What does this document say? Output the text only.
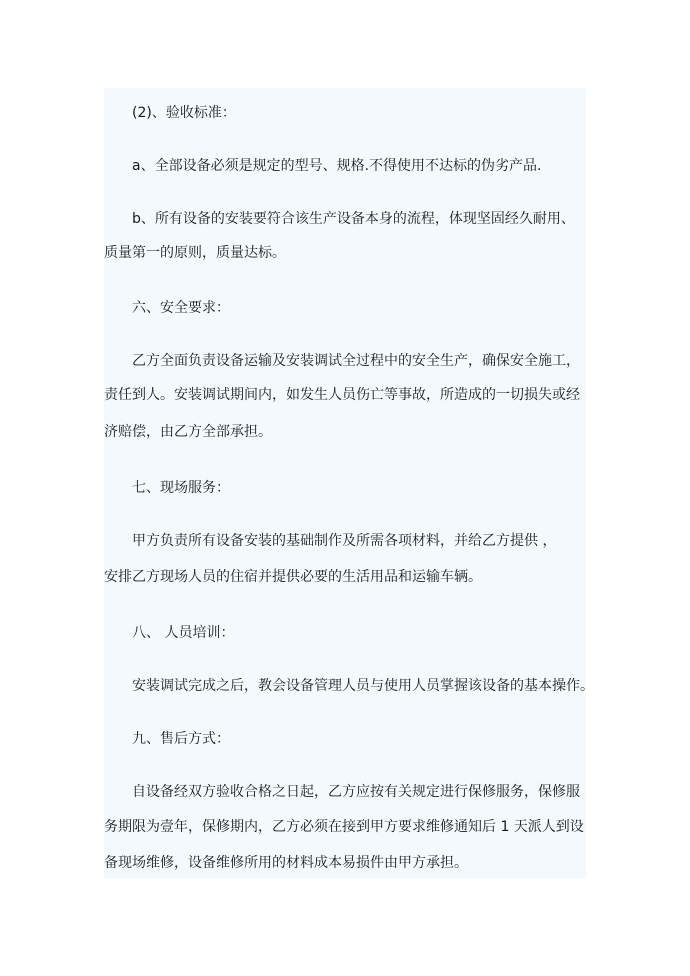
(2)、验收标准：
a、全部设备必须是规定的型号、规格.不得使用不达标的伪劣产品.
b、所有设备的安装要符合该生产设备本身的流程，体现坚固经久耐用、
质量第一的原则，质量达标。
六、安全要求：
乙方全面负责设备运输及安装调试全过程中的安全生产，确保安全施工，
责任到人。安装调试期间内，如发生人员伤亡等事故，所造成的一切损失或经
济赔偿，由乙方全部承担。
七、现场服务：
甲方负责所有设备安装的基础制作及所需各项材料，并给乙方提供 ，
安排乙方现场人员的住宿并提供必要的生活用品和运输车辆。
八、 人员培训：
安装调试完成之后，教会设备管理人员与使用人员掌握该设备的基本操作。
九、售后方式：
自设备经双方验收合格之日起，乙方应按有关规定进行保修服务，保修服
务期限为壹年，保修期内，乙方必须在接到甲方要求维修通知后 1 天派人到设
备现场维修，设备维修所用的材料成本易损件由甲方承担。
